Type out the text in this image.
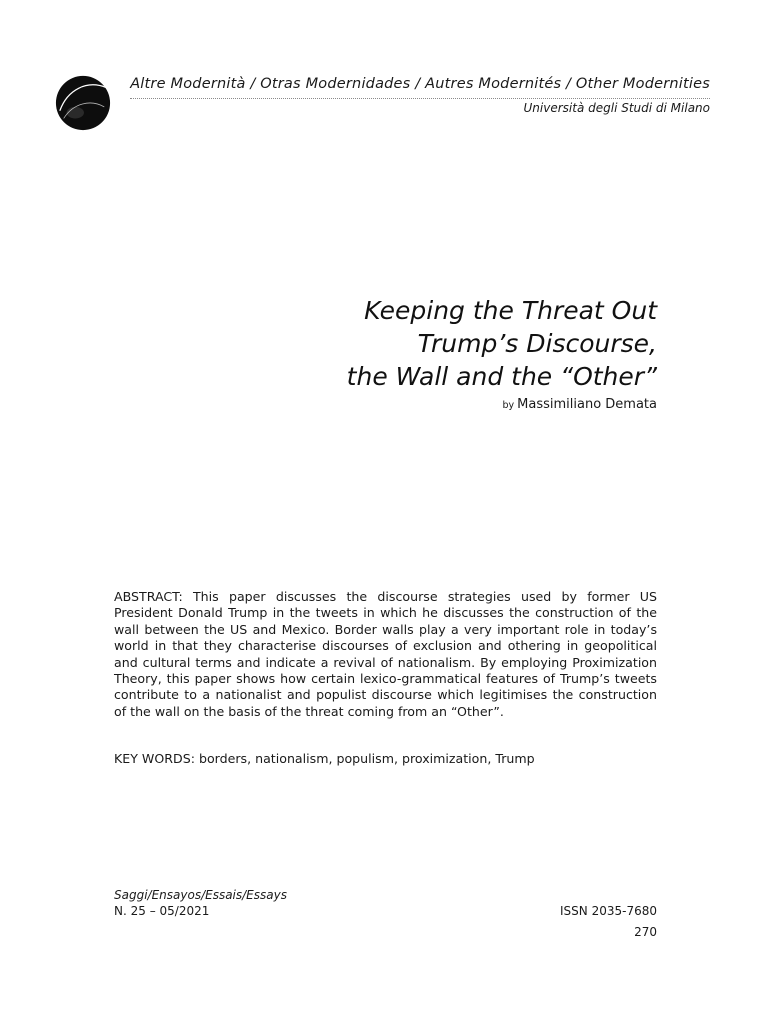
Altre Modernità / Otras Modernidades / Autres Modernités / Other Modernities
Università degli Studi di Milano
Keeping the Threat Out
Trump’s Discourse,
the Wall and the “Other”
by Massimiliano Demata
ABSTRACT: This paper discusses the discourse strategies used by former US President Donald Trump in the tweets in which he discusses the construction of the wall between the US and Mexico. Border walls play a very important role in today’s world in that they characterise discourses of exclusion and othering in geopolitical and cultural terms and indicate a revival of nationalism. By employing Proximization Theory, this paper shows how certain lexico-grammatical features of Trump’s tweets contribute to a nationalist and populist discourse which legitimises the construction of the wall on the basis of the threat coming from an “Other”.
KEY WORDS: borders, nationalism, populism, proximization, Trump
Saggi/Ensayos/Essais/Essays
N. 25 – 05/2021	ISSN 2035-7680
270
